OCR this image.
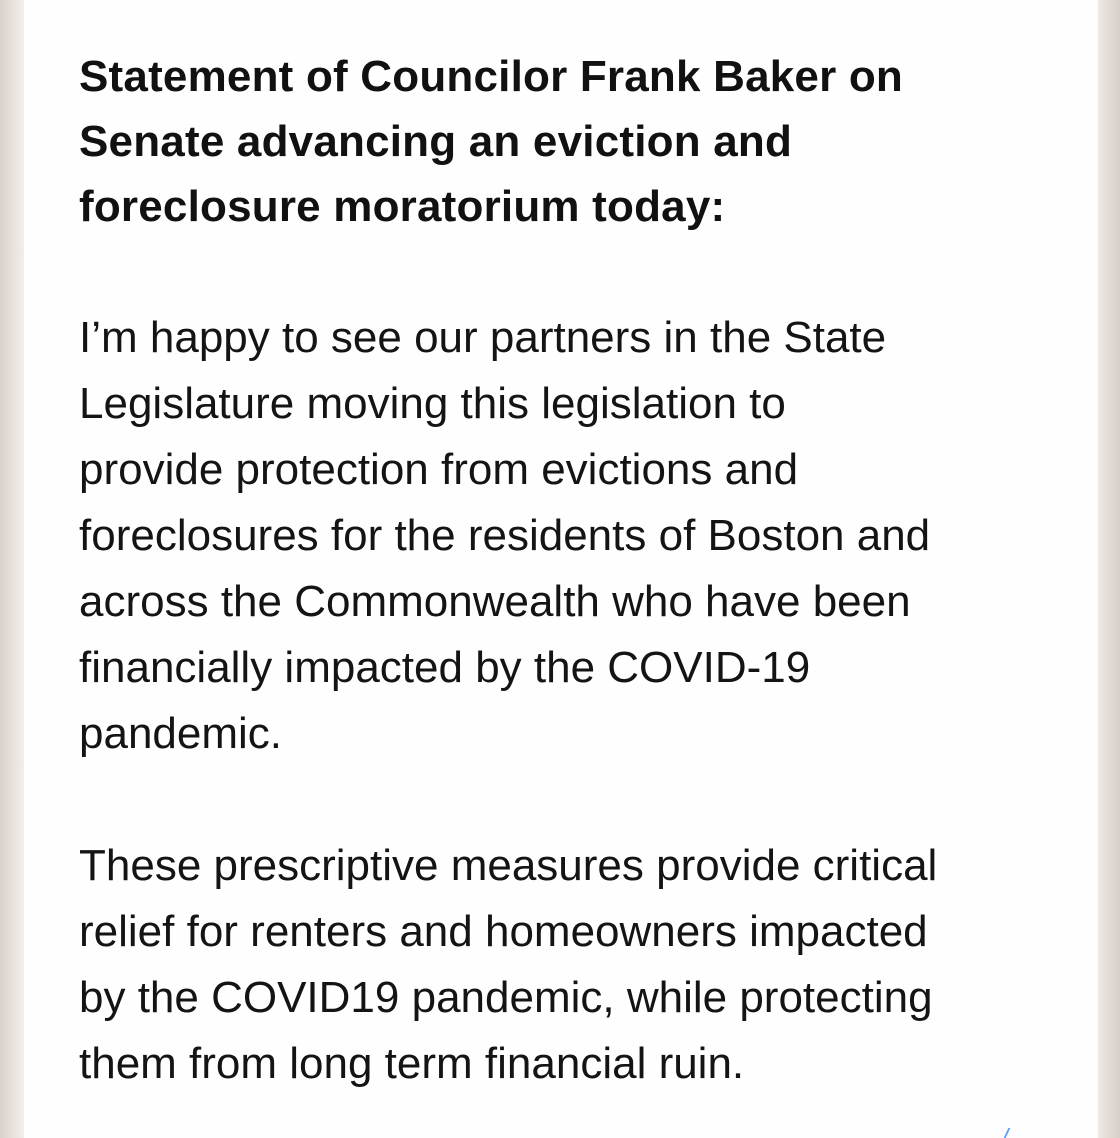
Statement of Councilor Frank Baker on
Senate advancing an eviction and
foreclosure moratorium today:
I’m happy to see our partners in the State
Legislature moving this legislation to
provide protection from evictions and
foreclosures for the residents of Boston and
across the Commonwealth who have been
financially impacted by the COVID-19
pandemic.
These prescriptive measures provide critical
relief for renters and homeowners impacted
by the COVID19 pandemic, while protecting
them from long term financial ruin.
